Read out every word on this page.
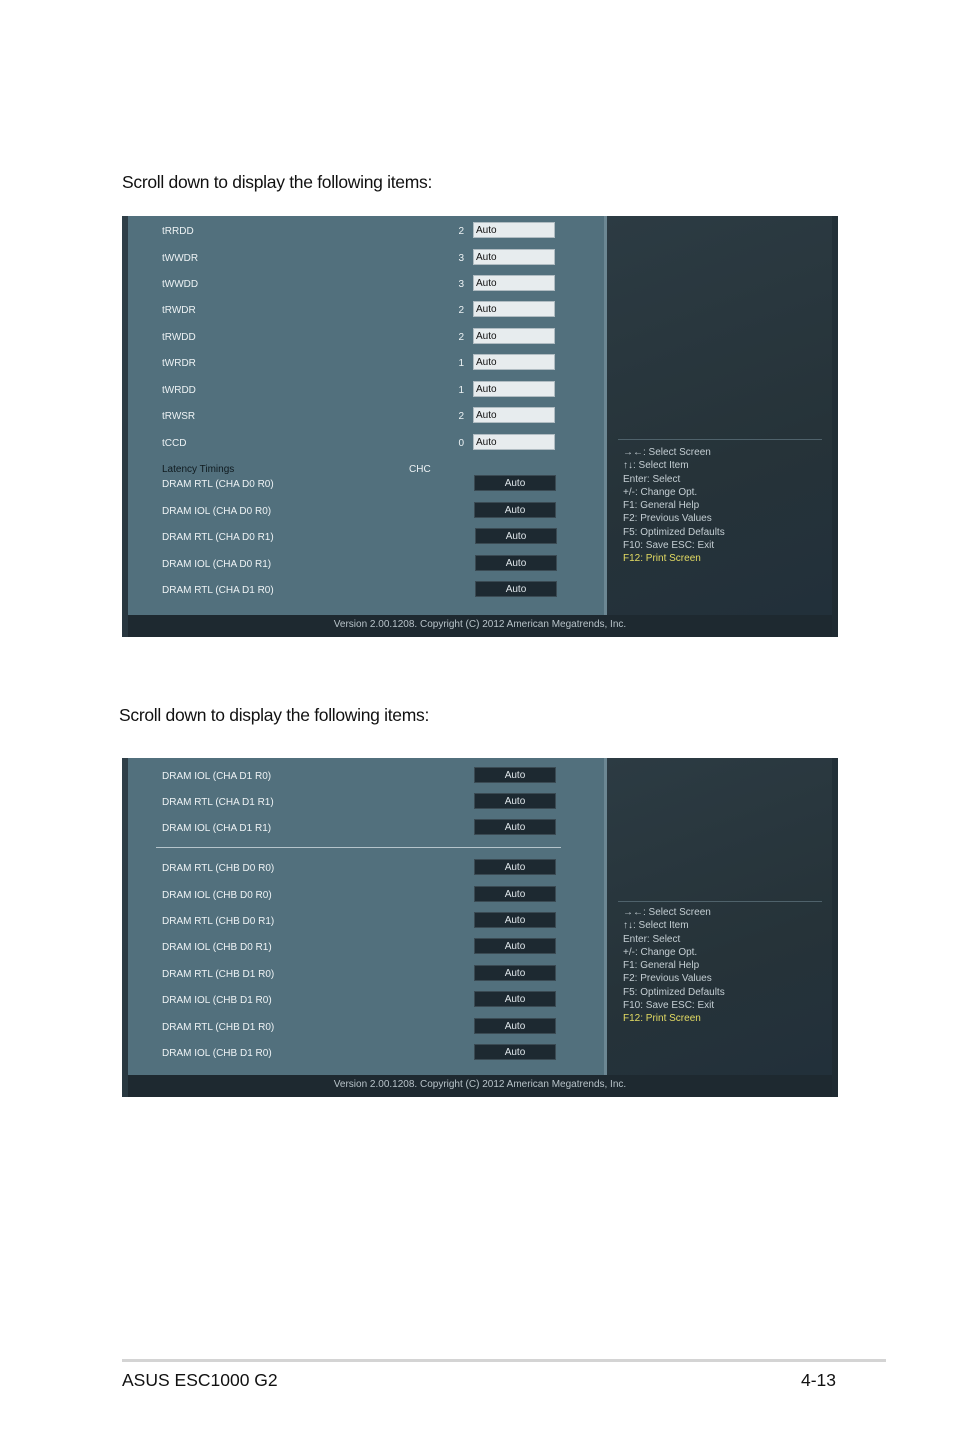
Scroll down to display the following items:
tRRDD	2	Auto
tWWDR	3	Auto
tWWDD	3	Auto
tRWDR	2	Auto
tRWDD	2	Auto
tWRDR	1	Auto
tWRDD	1	Auto
tRWSR	2	Auto
tCCD	0	Auto
Latency Timings	CHC
DRAM RTL (CHA D0 R0)	Auto
DRAM IOL (CHA D0 R0)	Auto
DRAM RTL (CHA D0 R1)	Auto
DRAM IOL (CHA D0 R1)	Auto
DRAM RTL (CHA D1 R0)	Auto
→←: Select Screen
↑↓: Select Item
Enter: Select
+/-: Change Opt.
F1: General Help
F2: Previous Values
F5: Optimized Defaults
F10: Save ESC: Exit
F12: Print Screen
Version 2.00.1208. Copyright (C) 2012 American Megatrends, Inc.
Scroll down to display the following items:
DRAM IOL (CHA D1 R0)	Auto
DRAM RTL (CHA D1 R1)	Auto
DRAM IOL (CHA D1 R1)	Auto
DRAM RTL (CHB D0 R0)	Auto
DRAM IOL (CHB D0 R0)	Auto
DRAM RTL (CHB D0 R1)	Auto
DRAM IOL (CHB D0 R1)	Auto
DRAM RTL (CHB D1 R0)	Auto
DRAM IOL (CHB D1 R0)	Auto
DRAM RTL (CHB D1 R0)	Auto
DRAM IOL (CHB D1 R0)	Auto
→←: Select Screen
↑↓: Select Item
Enter: Select
+/-: Change Opt.
F1: General Help
F2: Previous Values
F5: Optimized Defaults
F10: Save ESC: Exit
F12: Print Screen
Version 2.00.1208. Copyright (C) 2012 American Megatrends, Inc.
ASUS ESC1000 G2	4-13
